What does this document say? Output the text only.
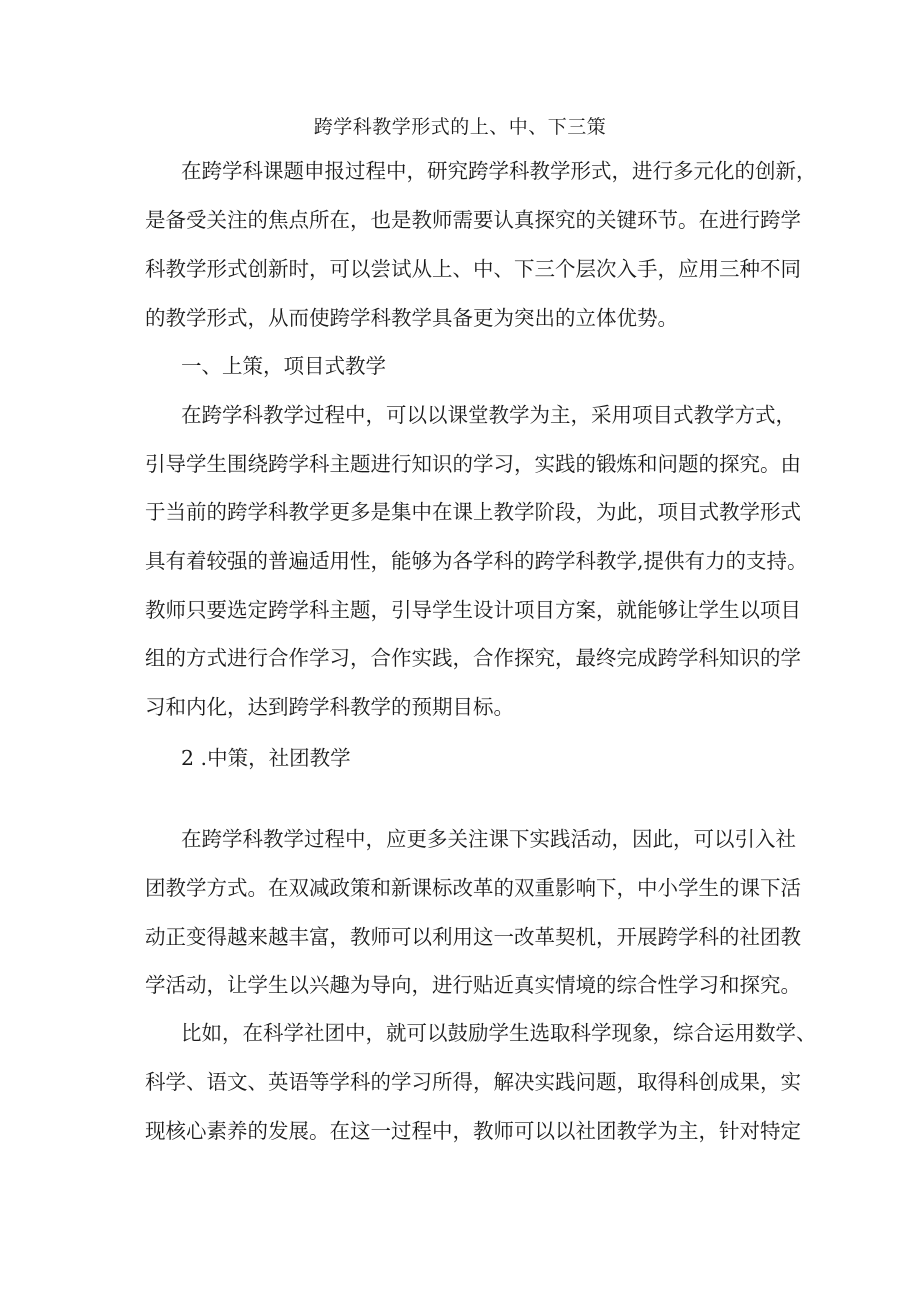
跨学科教学形式的上、中、下三策
在跨学科课题申报过程中，研究跨学科教学形式，进行多元化的创新，
是备受关注的焦点所在，也是教师需要认真探究的关键环节。在进行跨学
科教学形式创新时，可以尝试从上、中、下三个层次入手，应用三种不同
的教学形式，从而使跨学科教学具备更为突出的立体优势。
一、上策，项目式教学
在跨学科教学过程中，可以以课堂教学为主，采用项目式教学方式，
引导学生围绕跨学科主题进行知识的学习，实践的锻炼和问题的探究。由
于当前的跨学科教学更多是集中在课上教学阶段，为此，项目式教学形式
具有着较强的普遍适用性，能够为各学科的跨学科教学,提供有力的支持。
教师只要选定跨学科主题，引导学生设计项目方案，就能够让学生以项目
组的方式进行合作学习，合作实践，合作探究，最终完成跨学科知识的学
习和内化，达到跨学科教学的预期目标。
2 .中策，社团教学
在跨学科教学过程中，应更多关注课下实践活动，因此，可以引入社
团教学方式。在双减政策和新课标改革的双重影响下，中小学生的课下活
动正变得越来越丰富，教师可以利用这一改革契机，开展跨学科的社团教
学活动，让学生以兴趣为导向，进行贴近真实情境的综合性学习和探究。
比如，在科学社团中，就可以鼓励学生选取科学现象，综合运用数学、
科学、语文、英语等学科的学习所得，解决实践问题，取得科创成果，实
现核心素养的发展。在这一过程中，教师可以以社团教学为主，针对特定
